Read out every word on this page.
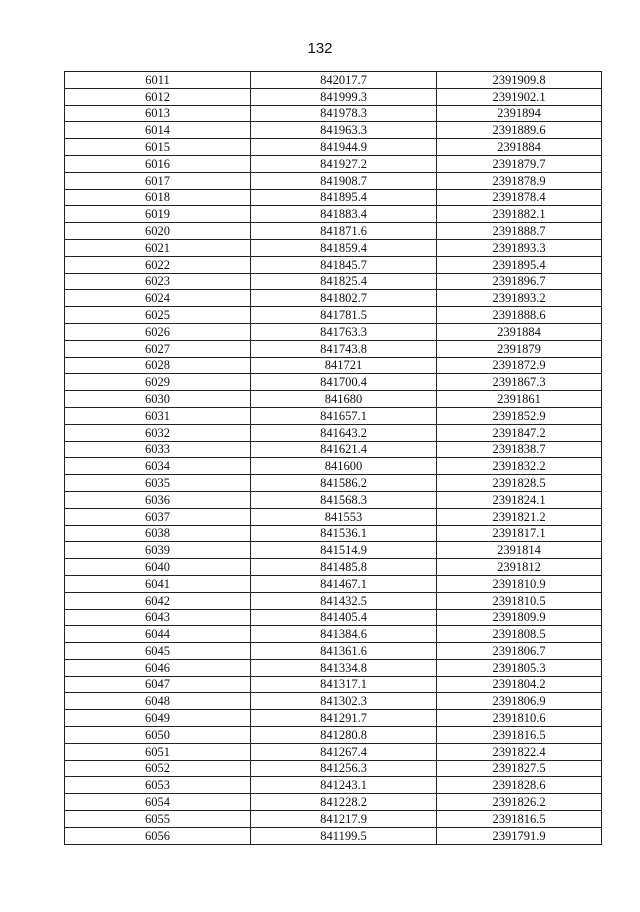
132
6011	842017.7	2391909.8
6012	841999.3	2391902.1
6013	841978.3	2391894
6014	841963.3	2391889.6
6015	841944.9	2391884
6016	841927.2	2391879.7
6017	841908.7	2391878.9
6018	841895.4	2391878.4
6019	841883.4	2391882.1
6020	841871.6	2391888.7
6021	841859.4	2391893.3
6022	841845.7	2391895.4
6023	841825.4	2391896.7
6024	841802.7	2391893.2
6025	841781.5	2391888.6
6026	841763.3	2391884
6027	841743.8	2391879
6028	841721	2391872.9
6029	841700.4	2391867.3
6030	841680	2391861
6031	841657.1	2391852.9
6032	841643.2	2391847.2
6033	841621.4	2391838.7
6034	841600	2391832.2
6035	841586.2	2391828.5
6036	841568.3	2391824.1
6037	841553	2391821.2
6038	841536.1	2391817.1
6039	841514.9	2391814
6040	841485.8	2391812
6041	841467.1	2391810.9
6042	841432.5	2391810.5
6043	841405.4	2391809.9
6044	841384.6	2391808.5
6045	841361.6	2391806.7
6046	841334.8	2391805.3
6047	841317.1	2391804.2
6048	841302.3	2391806.9
6049	841291.7	2391810.6
6050	841280.8	2391816.5
6051	841267.4	2391822.4
6052	841256.3	2391827.5
6053	841243.1	2391828.6
6054	841228.2	2391826.2
6055	841217.9	2391816.5
6056	841199.5	2391791.9
